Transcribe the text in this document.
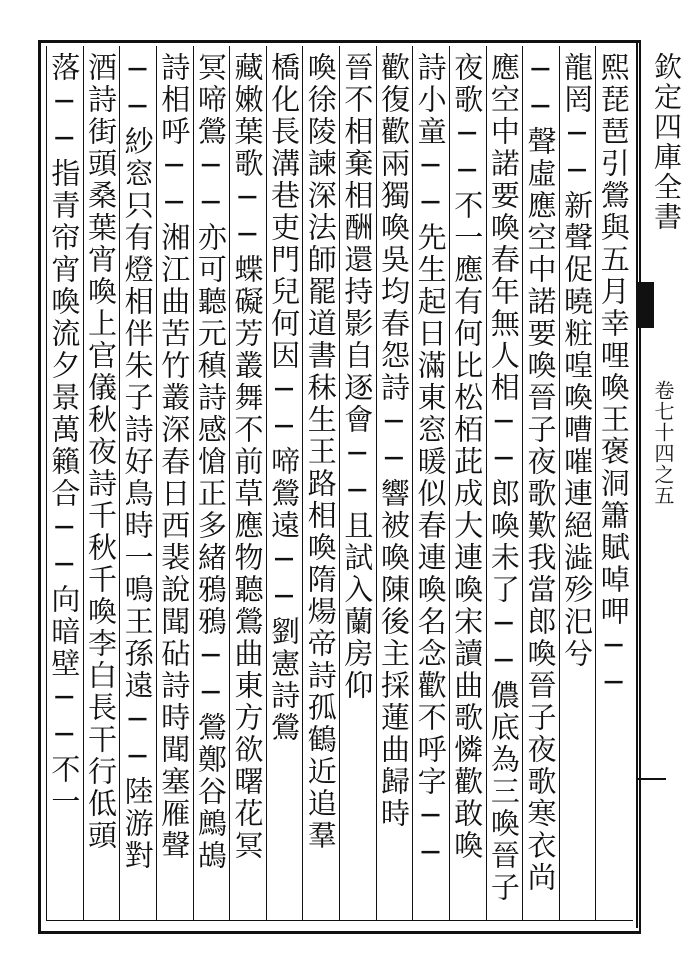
欽定四庫全書
卷七十四之五
熙琵琶引鶯與五月幸哩喚王褒洞簫賦啅呷──
龍罔──新聲促曉粧喤喚嘈嗺連絕澁殄汜兮
──聲虛應空中諾要喚晉子夜歌歎我當郎喚晉子夜歌寒衣尚
應空中諾要喚春年無人相──郎喚未了──儂底為三喚晉子
夜歌──不一應有何比松栢茈成大連喚宋讀曲歌憐歡敢喚
詩小童──先生起日滿東窓暖似春連喚名念歡不呼字──
歡復歡兩獨喚吳均春怨詩──響被喚陳後主採蓮曲歸時
晉不相棄相酬還持影自逐會──且試入蘭房仰
喚徐陵諫深法師罷道書秣生王路相喚隋煬帝詩孤鶴近追羣
橋化長溝巷吏門兒何因──啼鶯遠──劉憲詩鶯
藏嫩葉歌──蝶礙芳叢舞不前草應物聽鶯曲東方欲曙花冥
冥啼鶯──亦可聽元稹詩感愴正多緒鴉鴉──鶯鄭谷鷓鴣
詩相呼──湘江曲苦竹叢深春日西裴說聞砧詩時聞塞雁聲
──紗窓只有燈相伴朱子詩好鳥時一鳴王孫遠──陸游對
酒詩街頭桑葉宵喚上官儀秋夜詩千秋千喚李白長干行低頭
落──指青帘宵喚流夕景萬籟合──向暗壁──不一
